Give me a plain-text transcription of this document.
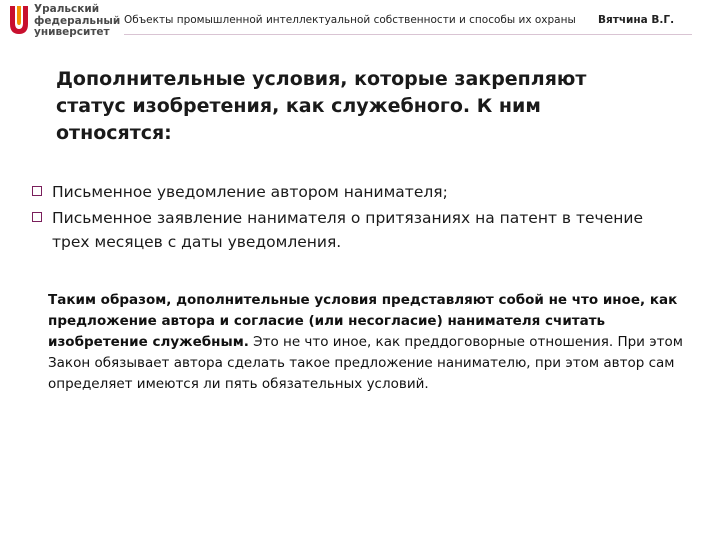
Уральский
федеральный
университет
Объекты промышленной интеллектуальной собственности и способы их охраны Вятчина В.Г.
Дополнительные условия, которые закрепляют статус изобретения, как служебного. К ним относятся:
Письменное уведомление автором нанимателя;
Письменное заявление нанимателя о притязаниях на патент в течение трех месяцев с даты уведомления.
Таким образом, дополнительные условия представляют собой не что иное, как предложение автора и согласие (или несогласие) нанимателя считать изобретение служебным. Это не что иное, как преддоговорные отношения. При этом Закон обязывает автора сделать такое предложение нанимателю, при этом автор сам определяет имеются ли пять обязательных условий.
